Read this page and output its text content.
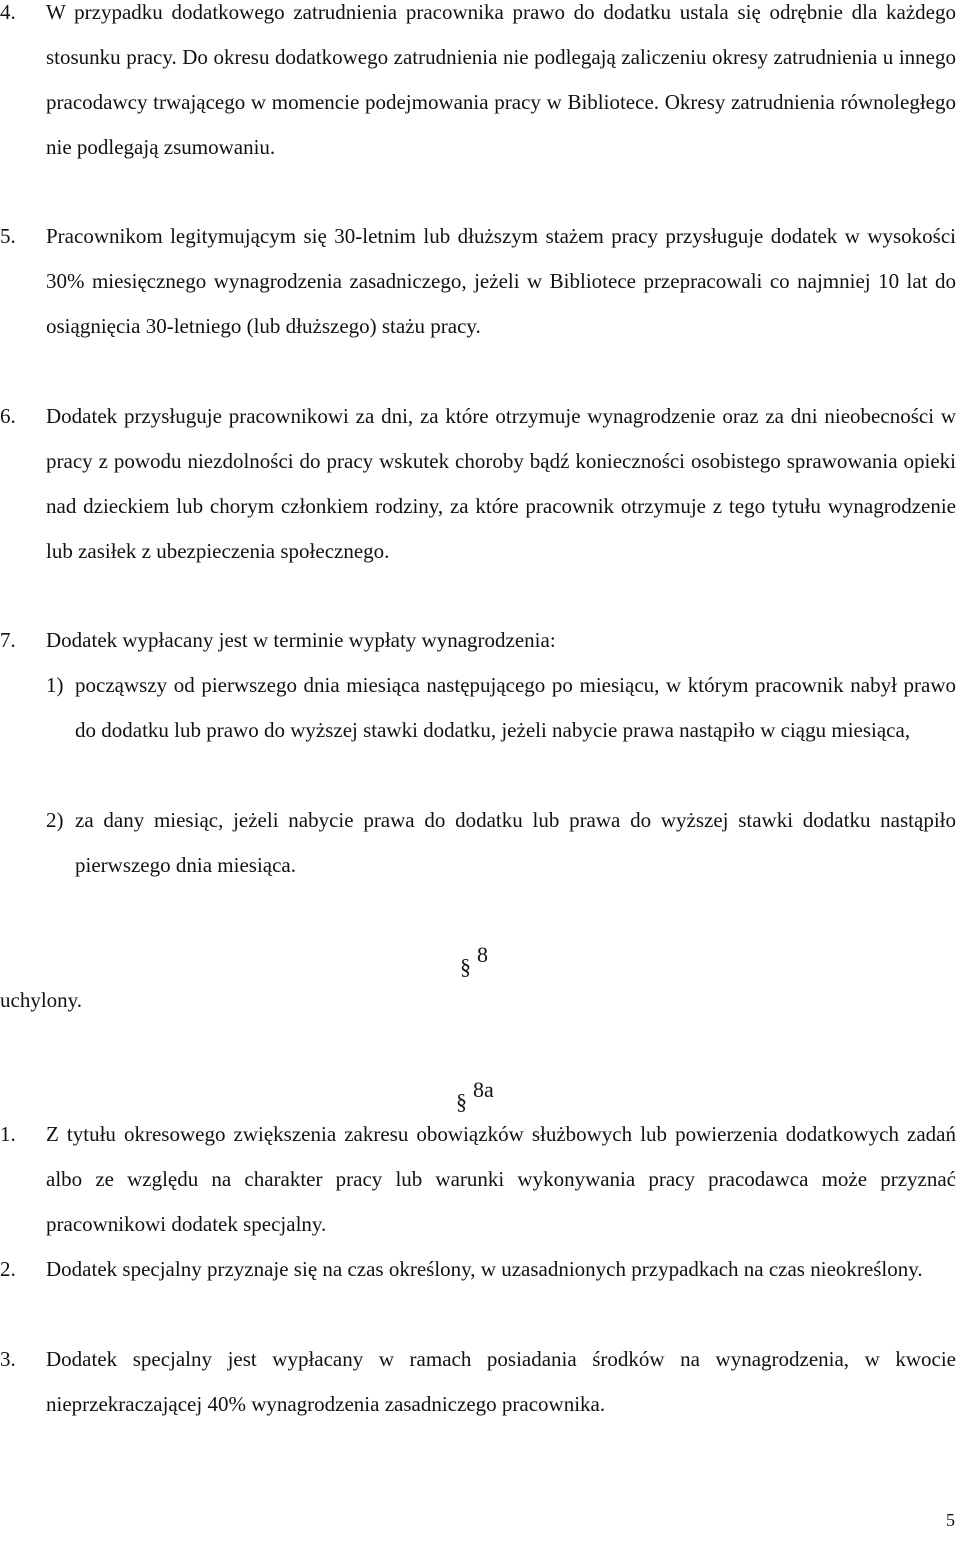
4. W przypadku dodatkowego zatrudnienia pracownika prawo do dodatku ustala się odrębnie dla każdego stosunku pracy. Do okresu dodatkowego zatrudnienia nie podlegają zaliczeniu okresy zatrudnienia u innego pracodawcy trwającego w momencie podejmowania pracy w Bibliotece. Okresy zatrudnienia równoległego nie podlegają zsumowaniu.
5. Pracownikom legitymującym się 30-letnim lub dłuższym stażem pracy przysługuje dodatek w wysokości 30% miesięcznego wynagrodzenia zasadniczego, jeżeli w Bibliotece przepracowali co najmniej 10 lat do osiągnięcia 30-letniego (lub dłuższego) stażu pracy.
6. Dodatek przysługuje pracownikowi za dni, za które otrzymuje wynagrodzenie oraz za dni nieobecności w pracy z powodu niezdolności do pracy wskutek choroby bądź konieczności osobistego sprawowania opieki nad dzieckiem lub chorym członkiem rodziny, za które pracownik otrzymuje z tego tytułu wynagrodzenie lub zasiłek z ubezpieczenia społecznego.
7. Dodatek wypłacany jest w terminie wypłaty wynagrodzenia:
1) począwszy od pierwszego dnia miesiąca następującego po miesiącu, w którym pracownik nabył prawo do dodatku lub prawo do wyższej stawki dodatku, jeżeli nabycie prawa nastąpiło w ciągu miesiąca,
2) za dany miesiąc, jeżeli nabycie prawa do dodatku lub prawa do wyższej stawki dodatku nastąpiło pierwszego dnia miesiąca.
§ 8
uchylony.
§ 8a
1. Z tytułu okresowego zwiększenia zakresu obowiązków służbowych lub powierzenia dodatkowych zadań albo ze względu na charakter pracy lub warunki wykonywania pracy pracodawca może przyznać pracownikowi dodatek specjalny.
2. Dodatek specjalny przyznaje się na czas określony, w uzasadnionych przypadkach na czas nieokreślony.
3. Dodatek specjalny jest wypłacany w ramach posiadania środków na wynagrodzenia, w kwocie nieprzekraczającej 40% wynagrodzenia zasadniczego pracownika.
5
